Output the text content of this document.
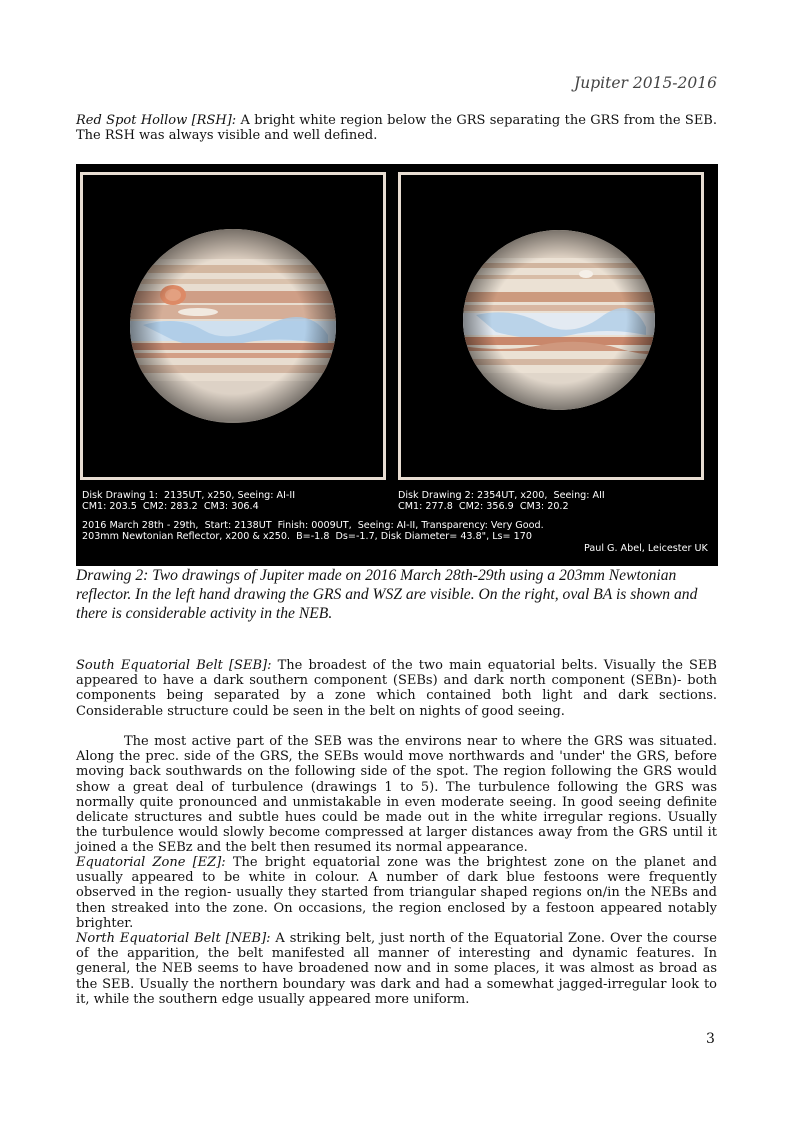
Jupiter 2015-2016

Red Spot Hollow [RSH]: A bright white region below the GRS separating the GRS from the SEB. The RSH was always visible and well defined.

Disk Drawing 1:  2135UT, x250, Seeing: AI-II
CM1: 203.5  CM2: 283.2  CM3: 306.4
Disk Drawing 2: 2354UT, x200,  Seeing: AII
CM1: 277.8  CM2: 356.9  CM3: 20.2
2016 March 28th - 29th,  Start: 2138UT  Finish: 0009UT,  Seeing: AI-II, Transparency: Very Good.
203mm Newtonian Reflector, x200 & x250.  B=-1.8  Ds=-1.7, Disk Diameter= 43.8", Ls= 170
Paul G. Abel, Leicester UK

Drawing 2: Two drawings of Jupiter made on 2016 March 28th-29th using a 203mm Newtonian reflector. In the left hand drawing the GRS and WSZ are visible. On the right, oval BA is shown and there is considerable activity in the NEB.

South Equatorial Belt [SEB]: The broadest of the two main equatorial belts. Visually the SEB appeared to have a dark southern component (SEBs) and dark north component (SEBn)- both components being separated by a zone which contained both light and dark sections. Considerable structure could be seen in the belt on nights of good seeing.

The most active part of the SEB was the environs near to where the GRS was situated. Along the prec. side of the GRS, the SEBs would move northwards and 'under' the GRS, before moving back southwards on the following side of the spot. The region following the GRS would show a great deal of turbulence (drawings 1 to 5). The turbulence following the GRS was normally quite pronounced and unmistakable in even moderate seeing. In good seeing definite delicate structures and subtle hues could be made out in the white irregular regions. Usually the turbulence would slowly become compressed at larger distances away from the GRS until it joined a the SEBz and the belt then resumed its normal appearance.

Equatorial Zone [EZ]: The bright equatorial zone was the brightest zone on the planet and usually appeared to be white in colour. A number of dark blue festoons were frequently observed in the region- usually they started from triangular shaped regions on/in the NEBs and then streaked into the zone. On occasions, the region enclosed by a festoon appeared notably brighter.

North Equatorial Belt [NEB]: A striking belt, just north of the Equatorial Zone. Over the course of the apparition, the belt manifested all manner of interesting and dynamic features. In general, the NEB seems to have broadened now and in some places, it was almost as broad as the SEB. Usually the northern boundary was dark and had a somewhat jagged-irregular look to it, while the southern edge usually appeared more uniform.

3
